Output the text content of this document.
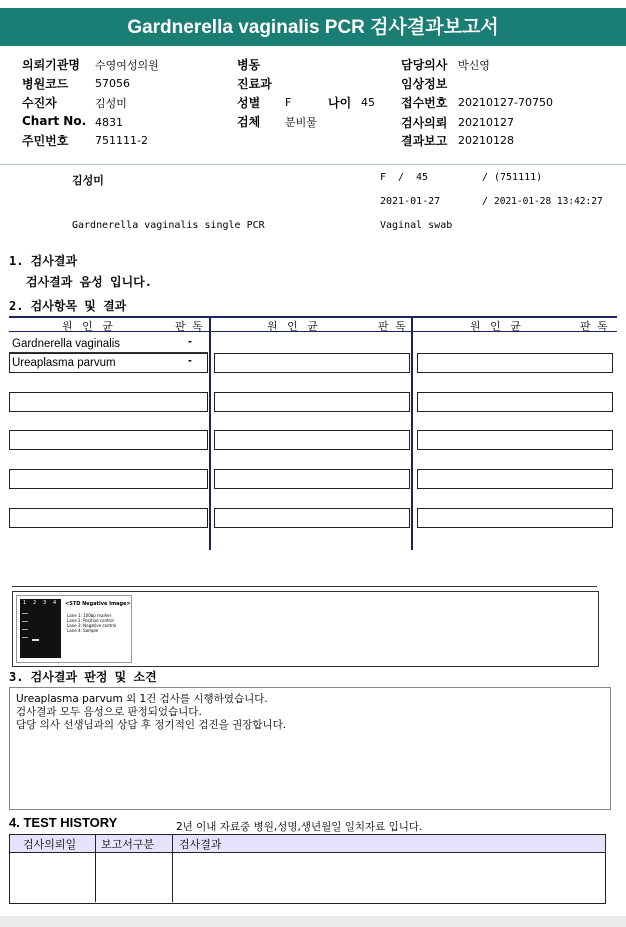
Gardnerella vaginalis PCR 검사결과보고서
의뢰기관명 수영여성의원
병원코드 57056
수진자	김성미
Chart No. 4831
주민번호 751111-2
병동
진료과
성별 F	나이 45
검체 분비물
담당의사 박신영
임상정보
접수번호 20210127-70750
검사의뢰 20210127
결과보고 20210128
김성미	F / 45	/ (751111)
2021-01-27	/ 2021-01-28 13:42:27
Gardnerella vaginalis single PCR	Vaginal swab
1. 검사결과
검사결과 음성 입니다.
2. 검사항목 및 결과
원 인 균	판 독	원 인 균	판 독	원 인 균	판 독
Gardnerella vaginalis	-
Ureaplasma parvum	-
1 2 3 4 <STD Negative Image>
Lane 1: 100bp marker
Lane 2: Positive control
Lane 3: Negative control
Lane 4: Sample
3. 검사결과 판정 및 소견
Ureaplasma parvum 외 1건 검사를 시행하였습니다.
검사결과 모두 음성으로 판정되었습니다.
담당 의사 선생님과의 상담 후 정기적인 검진을 권장합니다.
4. TEST HISTORY	2년 이내 자료중 병원,성명,생년월일 일치자료 입니다.
검사의뢰일 보고서구분 검사결과
